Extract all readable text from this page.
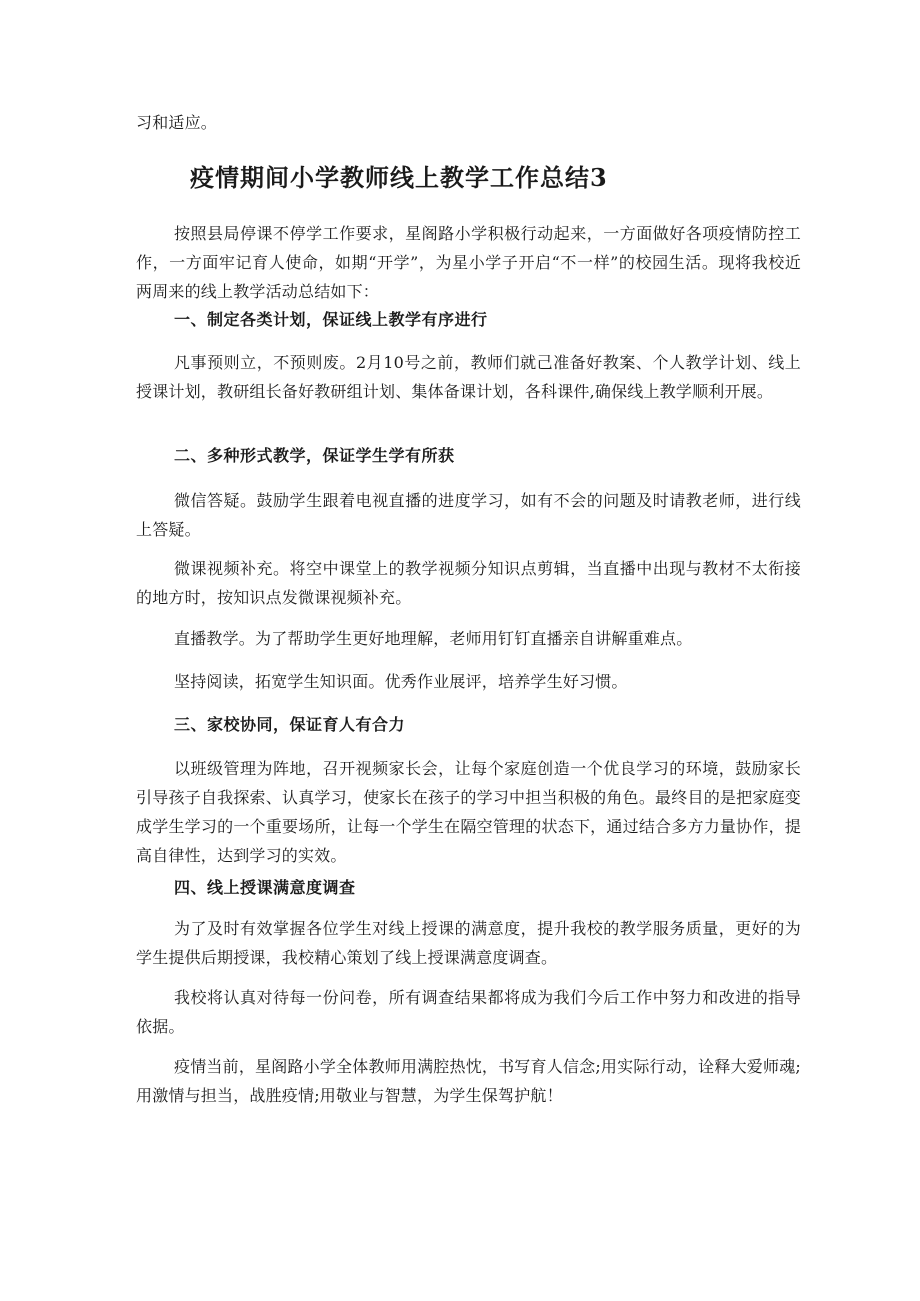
习和适应。

疫情期间小学教师线上教学工作总结3

按照县局停课不停学工作要求，星阁路小学积极行动起来，一方面做好各项疫情防控工作，一方面牢记育人使命，如期“开学”，为星小学子开启“不一样”的校园生活。现将我校近两周来的线上教学活动总结如下：

一、制定各类计划，保证线上教学有序进行

凡事预则立，不预则废。2月10号之前，教师们就己准备好教案、个人教学计划、线上授课计划，教研组长备好教研组计划、集体备课计划，各科课件,确保线上教学顺利开展。

二、多种形式教学，保证学生学有所获

微信答疑。鼓励学生跟着电视直播的进度学习，如有不会的问题及时请教老师，进行线上答疑。

微课视频补充。将空中课堂上的教学视频分知识点剪辑，当直播中出现与教材不太衔接的地方时，按知识点发微课视频补充。

直播教学。为了帮助学生更好地理解，老师用钉钉直播亲自讲解重难点。

坚持阅读，拓宽学生知识面。优秀作业展评，培养学生好习惯。

三、家校协同，保证育人有合力

以班级管理为阵地，召开视频家长会，让每个家庭创造一个优良学习的环境，鼓励家长引导孩子自我探索、认真学习，使家长在孩子的学习中担当积极的角色。最终目的是把家庭变成学生学习的一个重要场所，让每一个学生在隔空管理的状态下，通过结合多方力量协作，提高自律性，达到学习的实效。

四、线上授课满意度调查

为了及时有效掌握各位学生对线上授课的满意度，提升我校的教学服务质量，更好的为学生提供后期授课，我校精心策划了线上授课满意度调查。

我校将认真对待每一份问卷，所有调查结果都将成为我们今后工作中努力和改进的指导依据。

疫情当前，星阁路小学全体教师用满腔热忱，书写育人信念;用实际行动，诠释大爱师魂;用激情与担当，战胜疫情;用敬业与智慧，为学生保驾护航！
